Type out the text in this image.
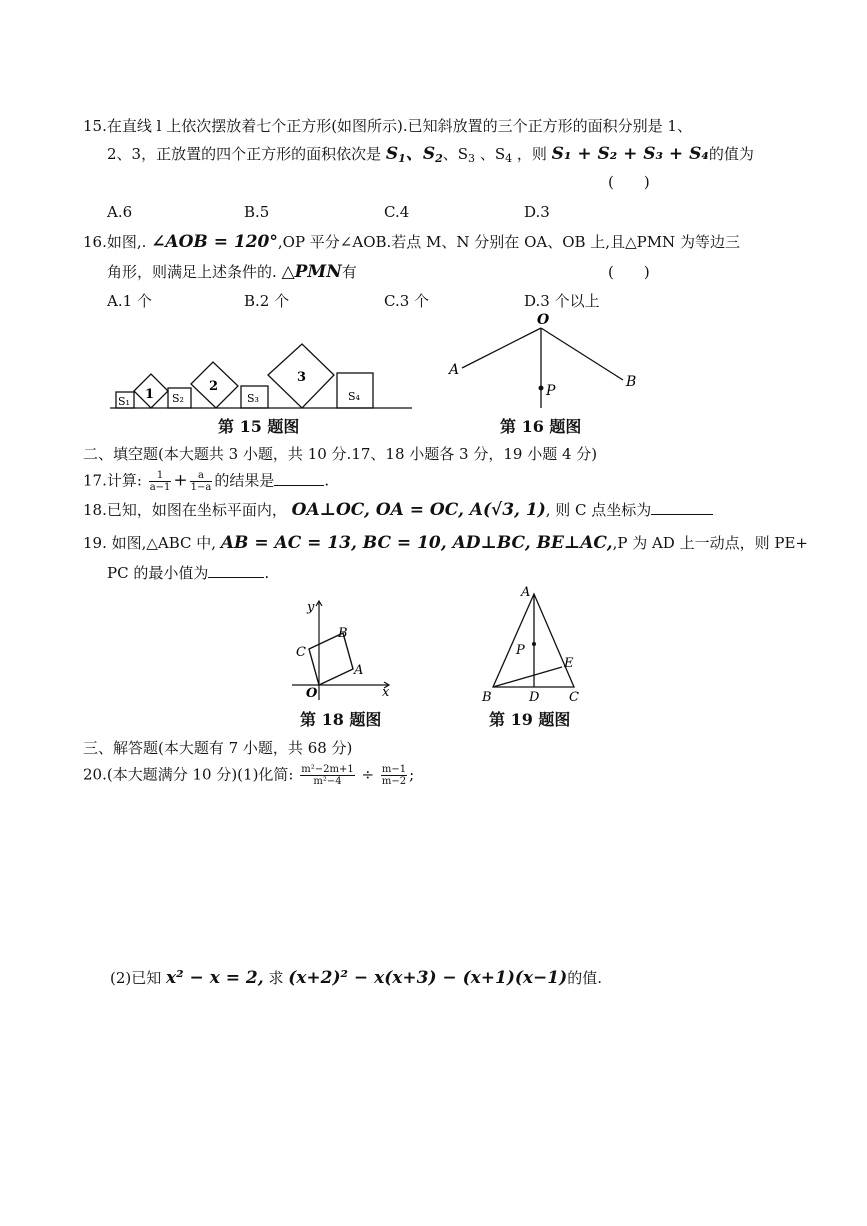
15.在直线 l 上依次摆放着七个正方形(如图所示).已知斜放置的三个正方形的面积分别是 1、
2、3，正放置的四个正方形的面积依次是 $S_1$、$S_2$、$S_3$ 、$S_4$ ，则 S₁ + S₂ + S₃ + S₄的值为
(　　)
A.6	B.5	C.4	D.3
16.如图,. ∠AOB = 120°,OP 平分∠AOB.若点 M、N 分别在 OA、OB 上,且△PMN 为等边三
角形，则满足上述条件的. △PMN有	(　　)
A.1 个	B.2 个	C.3 个	D.3 个以上
S₁ 1 S₂
2
S₃
3
S₄
第 15 题图
O
A
B
P
第 16 题图
二、填空题(本大题共 3 小题，共 10 分.17、18 小题各 3 分，19 小题 4 分)
17.计算: $\frac{1}{a-1} + \frac{a}{1-a}$ 的结果是	.
18.已知，如图在坐标平面内， OA⊥OC, OA = OC, A(√3, 1), 则 C 点坐标为
19. 如图,△ABC 中, AB = AC = 13, BC = 10, AD⊥BC, BE⊥AC,,P 为 AD 上一动点，则 PE+
PC 的最小值为	.
y
B
C
A
O	x
第 18 题图
A
P
E
B	D C
第 19 题图
三、解答题(本大题有 7 小题，共 68 分)
20.(本大题满分 10 分)(1)化简: $\frac{\text{m²−2m+1}}{\text{m²−4}} \div \frac{m-1}{m-2}$ ;
(2)已知 x² − x = 2, 求 (x+2)² − x(x+3) − (x+1)(x−1)的值.
